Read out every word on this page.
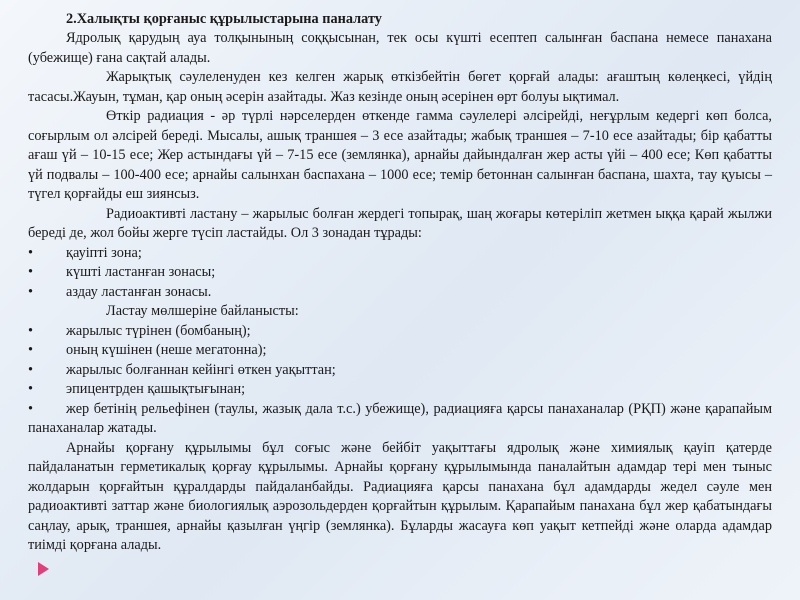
2.Халықты қорғаныс құрылыстарына паналату

Ядролық қарудың ауа толқынының соққысынан, тек осы күшті есептеп салынған баспана немесе панахана (убежище) ғана сақтай алады.

Жарықтық сәулеленуден кез келген жарық өткізбейтін бөгет қорғай алады: ағаштың көлеңкесі, үйдің тасасы.Жауын, тұман, қар оның әсерін азайтады. Жаз кезінде оның әсерінен өрт болуы ықтимал.

Өткір радиация - әр түрлі нәрселерден өткенде гамма сәулелері әлсірейді, неғұрлым кедергі көп болса, соғырлым ол әлсірей береді. Мысалы, ашық траншея – 3 есе азайтады; жабық траншея – 7-10 есе азайтады; бір қабатты ағаш үй – 10-15 есе; Жер астындағы үй – 7-15 есе (землянка), арнайы дайындалған жер асты үйі – 400 есе; Көп қабатты үй подвалы – 100-400 есе; арнайы салынхан баспахана – 1000 есе; темір бетоннан салынған баспана, шахта, тау қуысы – түгел қорғайды еш зиянсыз.

Радиоактивті ластану – жарылыс болған жердегі топырақ, шаң жоғары көтеріліп жетмен ыққа қарай жылжи береді де, жол бойы жерге түсіп ластайды. Ол 3 зонадан тұрады:

• қауіпті зона;

• күшті ластанған зонасы;

• аздау ластанған зонасы.

Ластау мөлшеріне байланысты:

• жарылыс түрінен (бомбаның);

• оның күшінен (неше мегатонна);

• жарылыс болғаннан кейінгі өткен уақыттан;

• эпицентрден қашықтығынан;

• жер бетінің рельефінен (таулы, жазық дала т.с.) убежище), радиацияға қарсы панаханалар (РҚП) және қарапайым панаханалар жатады.

Арнайы қорғану құрылымы бұл соғыс және бейбіт уақыттағы ядролық және химиялық қауіп қатерде пайдаланатын герметикалық қорғау құрылымы. Арнайы қорғану құрылымында паналайтын адамдар тері мен тыныс жолдарын қорғайтын құралдарды пайдаланбайды. Радиацияға қарсы панахана бұл адамдарды жедел сәуле мен радиоактивті заттар және биологиялық аэрозольдерден қорғайтын құрылым. Қарапайым панахана бұл жер қабатындағы саңлау, арық, траншея, арнайы қазылған үңгір (землянка). Бұларды жасауға көп уақыт кетпейді және оларда адамдар тиімді қорғана алады.
